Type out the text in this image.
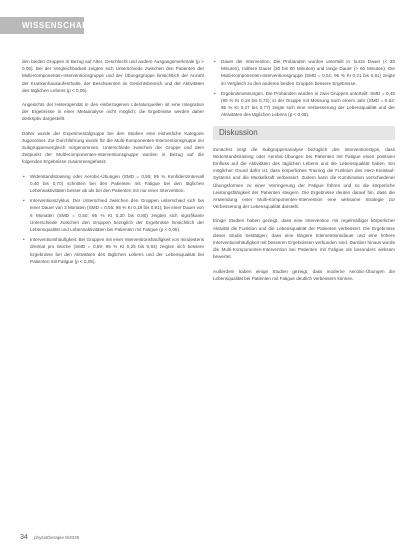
WISSENSCHAFT

den beiden Gruppen in Bezug auf Alter, Geschlecht und andere Ausgangsmerkmale (p > 0,05). Bei der Vergleichbarkeit zeigten sich Unterschiede zwischen den Patienten der Multi-Komponenten-Interventionsgruppe und der Übungsgruppe hinsichtlich der Anzahl der Krankenhausaufenthalte, der Beschwerden im Gesichtsbereich und der Aktivitäten des täglichen Lebens (p < 0,05).

Angesichts der Heterogenität in den einbezogenen Literaturquellen ist eine Integration der Ergebnisse in einer Metaanalyse nicht möglich; die Ergebnisse werden daher deskriptiv dargestellt.

Daher wurde der Experimentalgruppe bei den Studien eine einheitliche Kategorie zugeordnet. Zur Durchführung wurde für die Multi-Komponenten-Interventionsgruppe ein Subgruppenvergleich vorgenommen. Unterschiede zwischen der Gruppe und dem Zeitpunkt der Multi-Komponenten-Interventionsgruppe wurden in Bezug auf die folgenden Ergebnisse zusammengefasst:

• Widerstandstraining oder Aerobic-Übungen (SMD = 0,55; 95 % Konfidenzintervall 0,40 bis 0,70) schnitten bei den Patienten mit Fatigue bei den täglichen Lebensaktivitäten besser ab als bei den Patienten mit nur einer Intervention.
• Interventionszyklus. Der Unterschied zwischen den Gruppen unterschied sich bei einer Dauer von 3 Monaten (SMD = 0,55; 95 % KI 0,19 bis 0,91); bei einer Dauer von 6 Monaten (SMD = 0,50; 95 % KI 0,20 bis 0,80) zeigten sich signifikante Unterschiede zwischen den Gruppen bezüglich der Ergebnisse hinsichtlich der Lebensqualität und Lebensaktivitäten bei Patienten mit Fatigue (p < 0,05).
• Interventionshäufigkeit. Bei Gruppen mit einer Interventionshäufigkeit von mindestens dreimal pro Woche (SMD = 0,59; 95 % KI 0,25 bis 0,93) zeigten sich bessere Ergebnisse bei den Aktivitäten des täglichen Lebens und der Lebensqualität bei Patienten mit Fatigue (p < 0,05).
• Dauer der Intervention. Die Probanden wurden unterteilt in: kurze Dauer (< 30 Minuten), mittlere Dauer (30 bis 60 Minuten) und lange Dauer (> 60 Minuten). Die Multi-Komponenten-Interventionsgruppe (SMD = 0,51; 95 % KI 0,21 bis 0,81) zeigte im Vergleich zu den anderen beiden Gruppen bessere Ergebnisse.
• Ergebnismessungen. Die Probanden wurden in zwei Gruppen unterteilt: SMD = 0,45 (95 % KI 0,18 bis 0,72); in der Gruppe mit Messung nach einem Jahr (SMD = 0,52; 95 % KI 0,27 bis 0,77) zeigte sich eine Verbesserung der Lebensqualität und der Aktivitäten des täglichen Lebens (p < 0,05).
Diskussion

Zunächst zeigt die Subgruppenanalyse bezüglich des Interventionstyps, dass Widerstandstraining oder Aerobic-Übungen bei Patienten mit Fatigue einen positiven Einfluss auf die Aktivitäten des täglichen Lebens und die Lebensqualität haben. Ein möglicher Grund dafür ist, dass körperliches Training die Funktion des Herz-Kreislauf-Systems und die Muskelkraft verbessert. Zudem kann die Kombination verschiedener Übungsformen zu einer Verringerung der Fatigue führen und so die körperliche Leistungsfähigkeit der Patienten steigern. Die Ergebnisse deuten darauf hin, dass die Anwendung einer Multi-Komponenten-Intervention eine wirksame Strategie zur Verbesserung der Lebensqualität darstellt.

Einige Studien haben gezeigt, dass eine Intervention mit regelmäßiger körperlicher Aktivität die Funktion und die Lebensqualität der Patienten verbessert. Die Ergebnisse dieser Studie bestätigen, dass eine längere Interventionsdauer und eine höhere Interventionshäufigkeit mit besseren Ergebnissen verbunden sind. Darüber hinaus wurde die Multi-Komponenten-Intervention bei Patienten mit Fatigue als besonders wirksam bewertet.

Außerdem haben einige Studien gezeigt, dass moderne Aerobic-Übungen die Lebensqualität bei Patienten mit Fatigue deutlich verbessern können.

34 physiotherapie 9/2025
